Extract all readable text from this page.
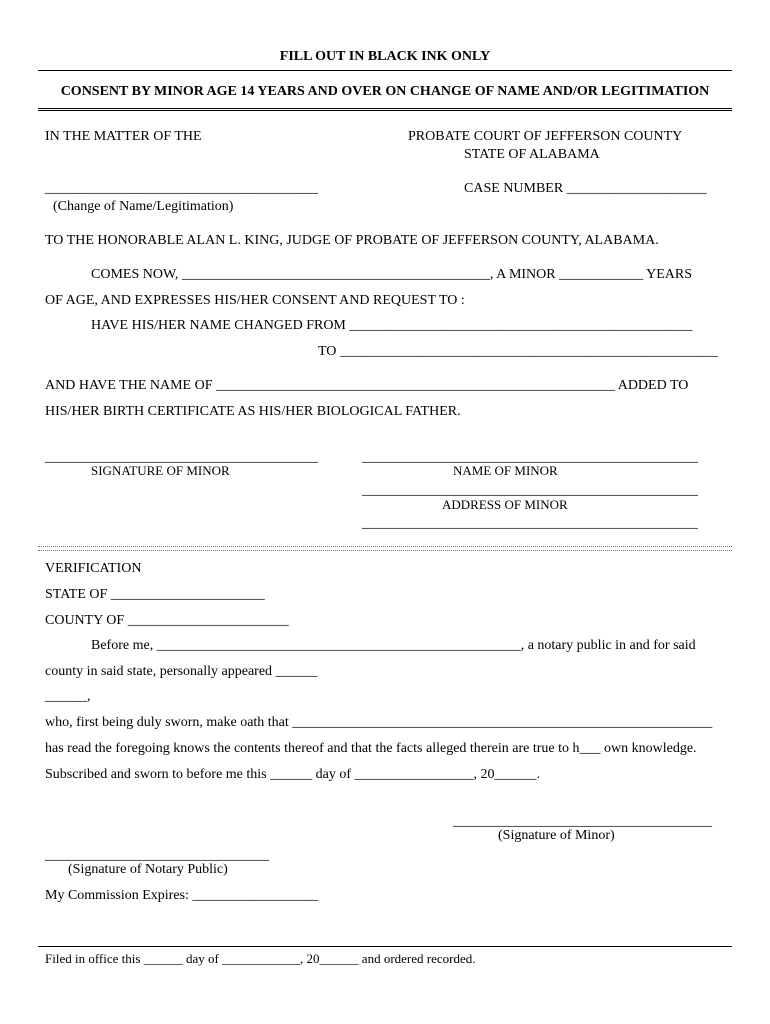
FILL OUT IN BLACK INK ONLY
CONSENT BY MINOR AGE 14 YEARS AND OVER ON CHANGE OF NAME AND/OR LEGITIMATION
IN THE MATTER OF THE	PROBATE COURT OF JEFFERSON COUNTY
STATE OF ALABAMA
_______________________________________	CASE NUMBER ____________________
(Change of Name/Legitimation)
TO THE HONORABLE ALAN L. KING, JUDGE OF PROBATE OF JEFFERSON COUNTY, ALABAMA.
COMES NOW, ____________________________________________, A MINOR ____________ YEARS
OF AGE, AND EXPRESSES HIS/HER CONSENT AND REQUEST TO :
HAVE HIS/HER NAME CHANGED FROM _________________________________________________
TO ______________________________________________________
AND HAVE THE NAME OF _________________________________________________________ ADDED TO
HIS/HER BIRTH CERTIFICATE AS HIS/HER BIOLOGICAL FATHER.
_______________________________________	________________________________________________
SIGNATURE OF MINOR	NAME OF MINOR
________________________________________________
ADDRESS OF MINOR
________________________________________________
VERIFICATION
STATE OF ______________________
COUNTY OF _______________________
Before me, ____________________________________________________, a notary public in and for said
county in said state, personally appeared ______
______,
who, first being duly sworn, make oath that ____________________________________________________________
has read the foregoing knows the contents thereof and that the facts alleged therein are true to h___ own knowledge.
Subscribed and sworn to before me this ______ day of _________________, 20______.
_____________________________________
(Signature of Minor)
________________________________
(Signature of Notary Public)
My Commission Expires: __________________
Filed in office this ______ day of ____________, 20______ and ordered recorded.
